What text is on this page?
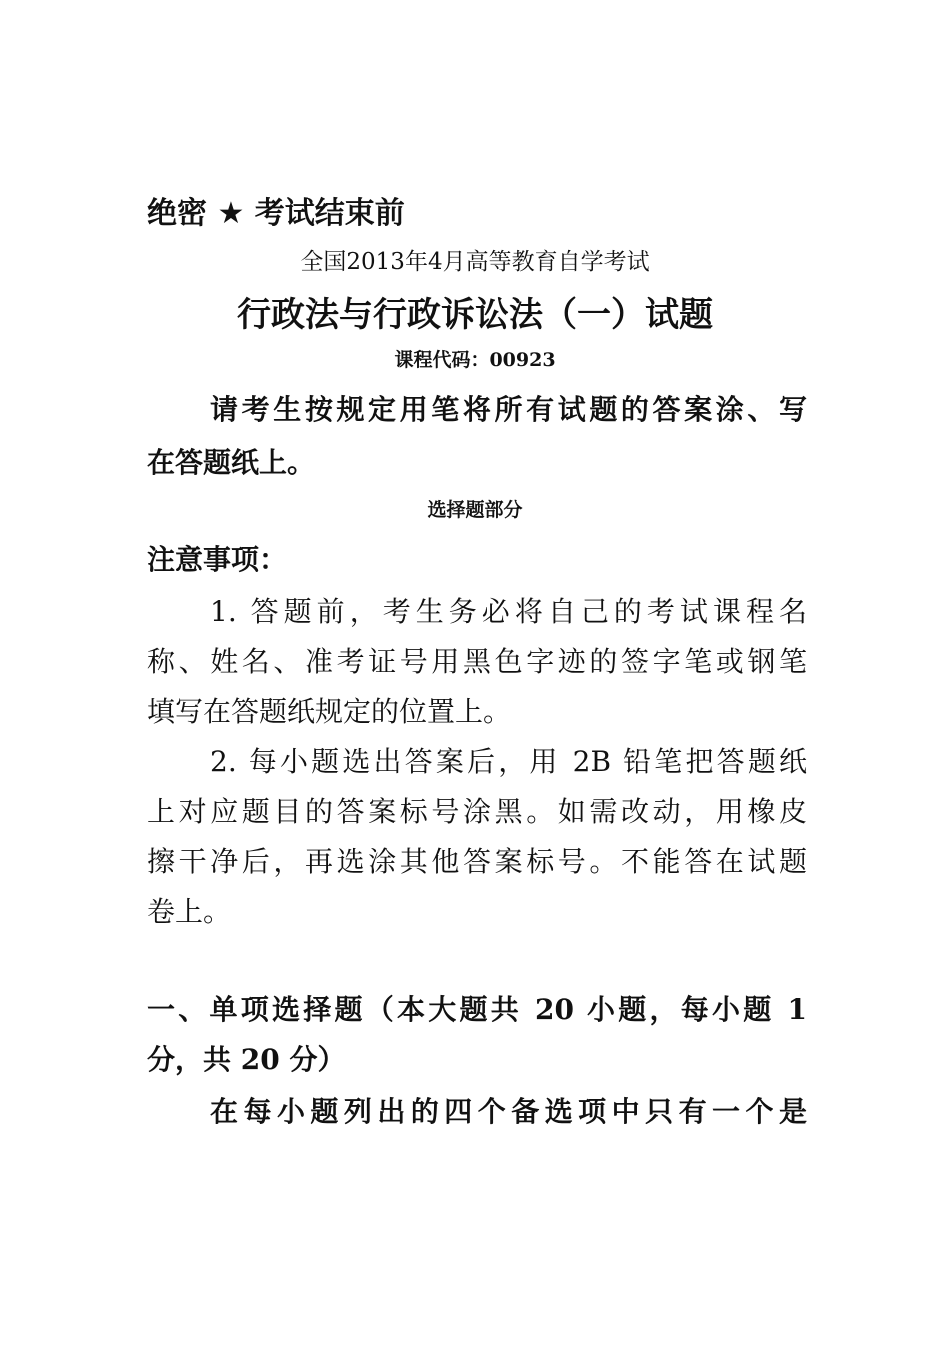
绝密 ★ 考试结束前
全国2013年4月高等教育自学考试
行政法与行政诉讼法（一）试题
课程代码：00923
请考生按规定用笔将所有试题的答案涂、写
在答题纸上。
选择题部分
注意事项：
1. 答题前，考生务必将自己的考试课程名
称、姓名、准考证号用黑色字迹的签字笔或钢笔
填写在答题纸规定的位置上。
2. 每小题选出答案后，用 2B 铅笔把答题纸
上对应题目的答案标号涂黑。如需改动，用橡皮
擦干净后，再选涂其他答案标号。不能答在试题
卷上。
一、单项选择题（本大题共 20 小题，每小题 1
分，共 20 分）
在每小题列出的四个备选项中只有一个是
